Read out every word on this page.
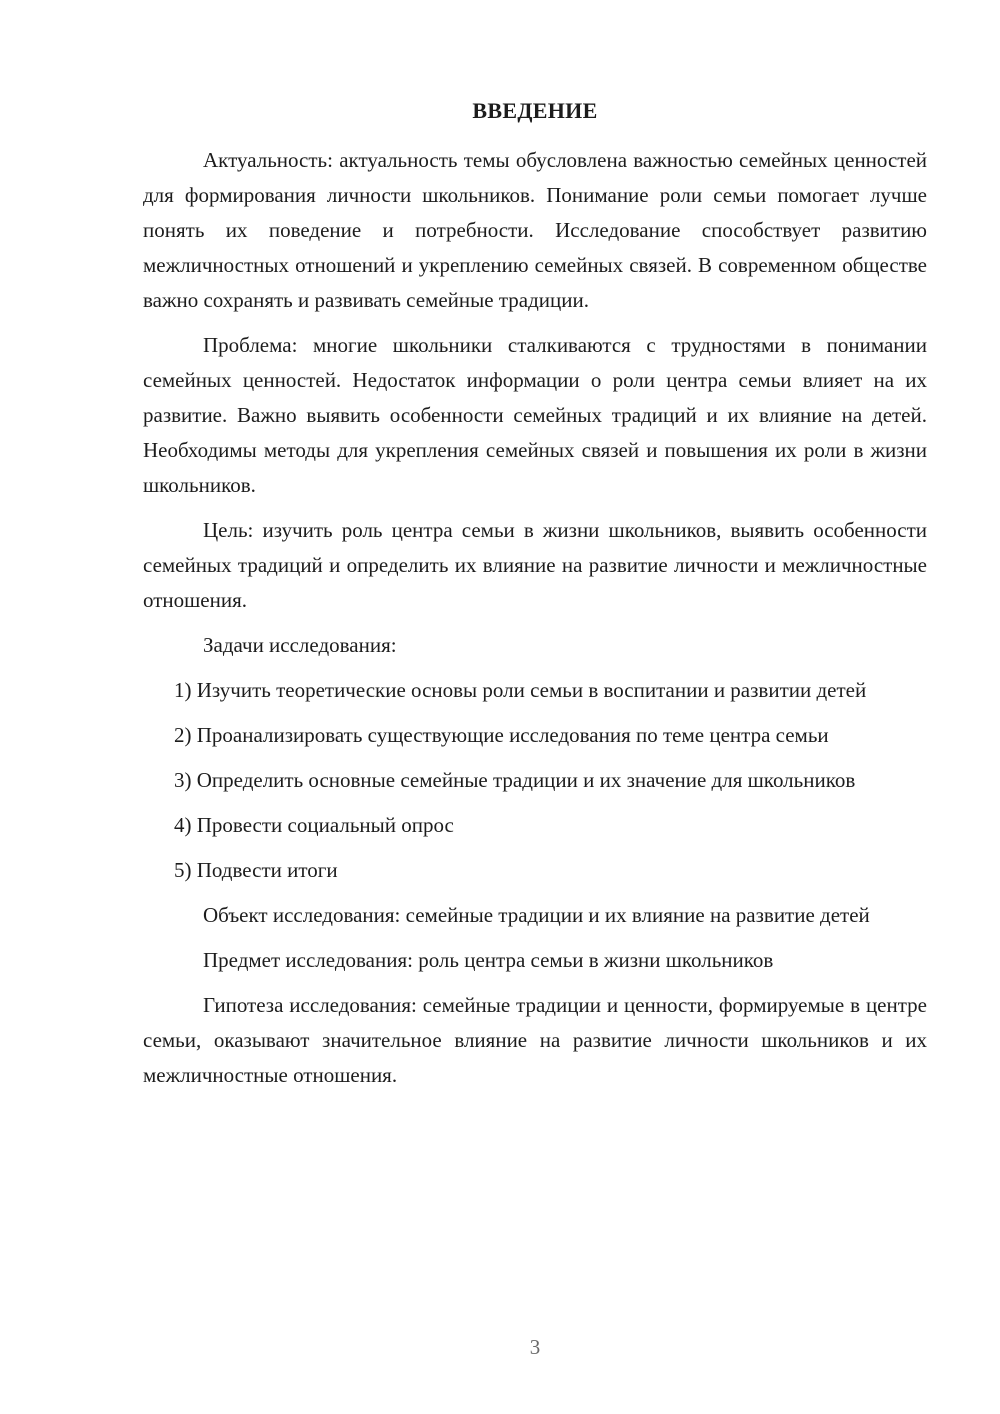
ВВЕДЕНИЕ

Актуальность: актуальность темы обусловлена важностью семейных ценностей для формирования личности школьников. Понимание роли семьи помогает лучше понять их поведение и потребности. Исследование способствует развитию межличностных отношений и укреплению семейных связей. В современном обществе важно сохранять и развивать семейные традиции.

Проблема: многие школьники сталкиваются с трудностями в понимании семейных ценностей. Недостаток информации о роли центра семьи влияет на их развитие. Важно выявить особенности семейных традиций и их влияние на детей. Необходимы методы для укрепления семейных связей и повышения их роли в жизни школьников.

Цель: изучить роль центра семьи в жизни школьников, выявить особенности семейных традиций и определить их влияние на развитие личности и межличностные отношения.

Задачи исследования:

1) Изучить теоретические основы роли семьи в воспитании и развитии детей

2) Проанализировать существующие исследования по теме центра семьи

3) Определить основные семейные традиции и их значение для школьников

4) Провести социальный опрос

5) Подвести итоги

Объект исследования: семейные традиции и их влияние на развитие детей

Предмет исследования: роль центра семьи в жизни школьников

Гипотеза исследования: семейные традиции и ценности, формируемые в центре семьи, оказывают значительное влияние на развитие личности школьников и их межличностные отношения.

3
